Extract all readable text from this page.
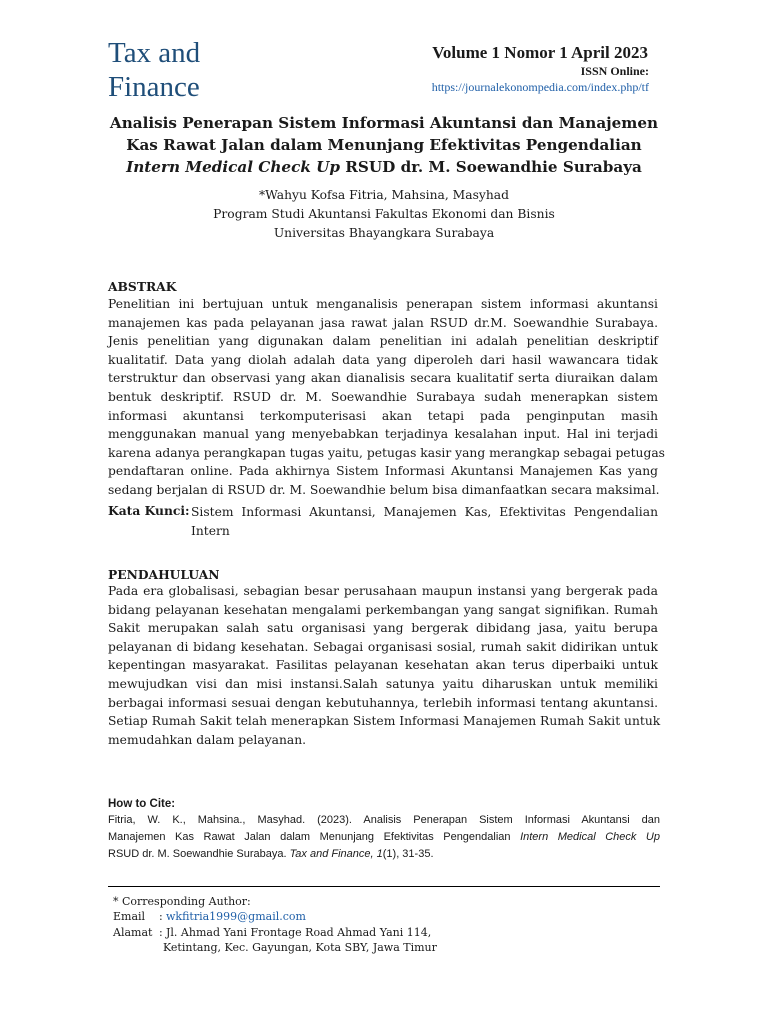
Tax and
Finance
Volume 1 Nomor 1 April 2023
ISSN Online:
https://journalekonompedia.com/index.php/tf
Analisis Penerapan Sistem Informasi Akuntansi dan Manajemen
Kas Rawat Jalan dalam Menunjang Efektivitas Pengendalian
Intern Medical Check Up RSUD dr. M. Soewandhie Surabaya
*Wahyu Kofsa Fitria, Mahsina, Masyhad
Program Studi Akuntansi Fakultas Ekonomi dan Bisnis
Universitas Bhayangkara Surabaya
ABSTRAK
Penelitian ini bertujuan untuk menganalisis penerapan sistem informasi akuntansi
manajemen kas pada pelayanan jasa rawat jalan RSUD dr.M. Soewandhie Surabaya.
Jenis penelitian yang digunakan dalam penelitian ini adalah penelitian deskriptif
kualitatif. Data yang diolah adalah data yang diperoleh dari hasil wawancara tidak
terstruktur dan observasi yang akan dianalisis secara kualitatif serta diuraikan dalam
bentuk deskriptif. RSUD dr. M. Soewandhie Surabaya sudah menerapkan sistem
informasi akuntansi terkomputerisasi akan tetapi pada penginputan masih
menggunakan manual yang menyebabkan terjadinya kesalahan input. Hal ini terjadi
karena adanya perangkapan tugas yaitu, petugas kasir yang merangkap sebagai petugas
pendaftaran online. Pada akhirnya Sistem Informasi Akuntansi Manajemen Kas yang
sedang berjalan di RSUD dr. M. Soewandhie belum bisa dimanfaatkan secara maksimal.
Kata Kunci: Sistem Informasi Akuntansi, Manajemen Kas, Efektivitas Pengendalian
Intern
PENDAHULUAN
Pada era globalisasi, sebagian besar perusahaan maupun instansi yang bergerak pada
bidang pelayanan kesehatan mengalami perkembangan yang sangat signifikan. Rumah
Sakit merupakan salah satu organisasi yang bergerak dibidang jasa, yaitu berupa
pelayanan di bidang kesehatan. Sebagai organisasi sosial, rumah sakit didirikan untuk
kepentingan masyarakat. Fasilitas pelayanan kesehatan akan terus diperbaiki untuk
mewujudkan visi dan misi instansi.Salah satunya yaitu diharuskan untuk memiliki
berbagai informasi sesuai dengan kebutuhannya, terlebih informasi tentang akuntansi.
Setiap Rumah Sakit telah menerapkan Sistem Informasi Manajemen Rumah Sakit untuk
memudahkan dalam pelayanan.
How to Cite:
Fitria, W. K., Mahsina., Masyhad. (2023). Analisis Penerapan Sistem Informasi Akuntansi dan
Manajemen Kas Rawat Jalan dalam Menunjang Efektivitas Pengendalian Intern Medical Check Up
RSUD dr. M. Soewandhie Surabaya. Tax and Finance, 1(1), 31-35.
* Corresponding Author:
Email : wkfitria1999@gmail.com
Alamat : Jl. Ahmad Yani Frontage Road Ahmad Yani 114,
Ketintang, Kec. Gayungan, Kota SBY, Jawa Timur
